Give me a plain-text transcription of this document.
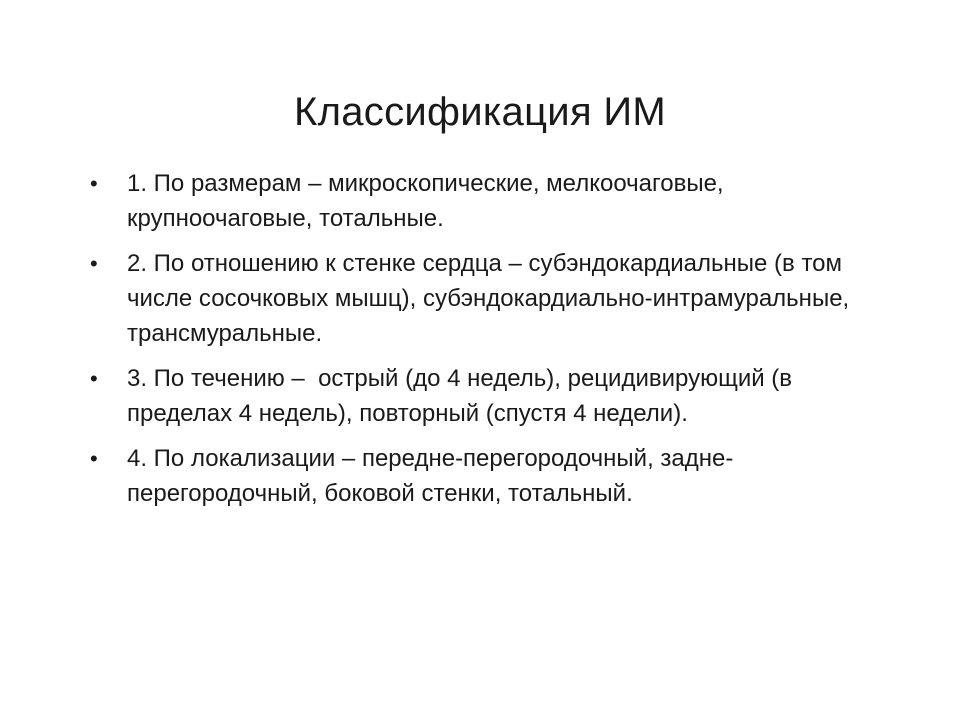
Классификация ИМ
•	1. По размерам – микроскопические, мелкоочаговые, крупноочаговые, тотальные.
•	2. По отношению к стенке сердца – субэндокардиальные (в том числе сосочковых мышц), субэндокардиально-интрамуральные, трансмуральные.
•	3. По течению –  острый (до 4 недель), рецидивирующий (в пределах 4 недель), повторный (спустя 4 недели).
•	4. По локализации – передне-перегородочный, задне-перегородочный, боковой стенки, тотальный.
